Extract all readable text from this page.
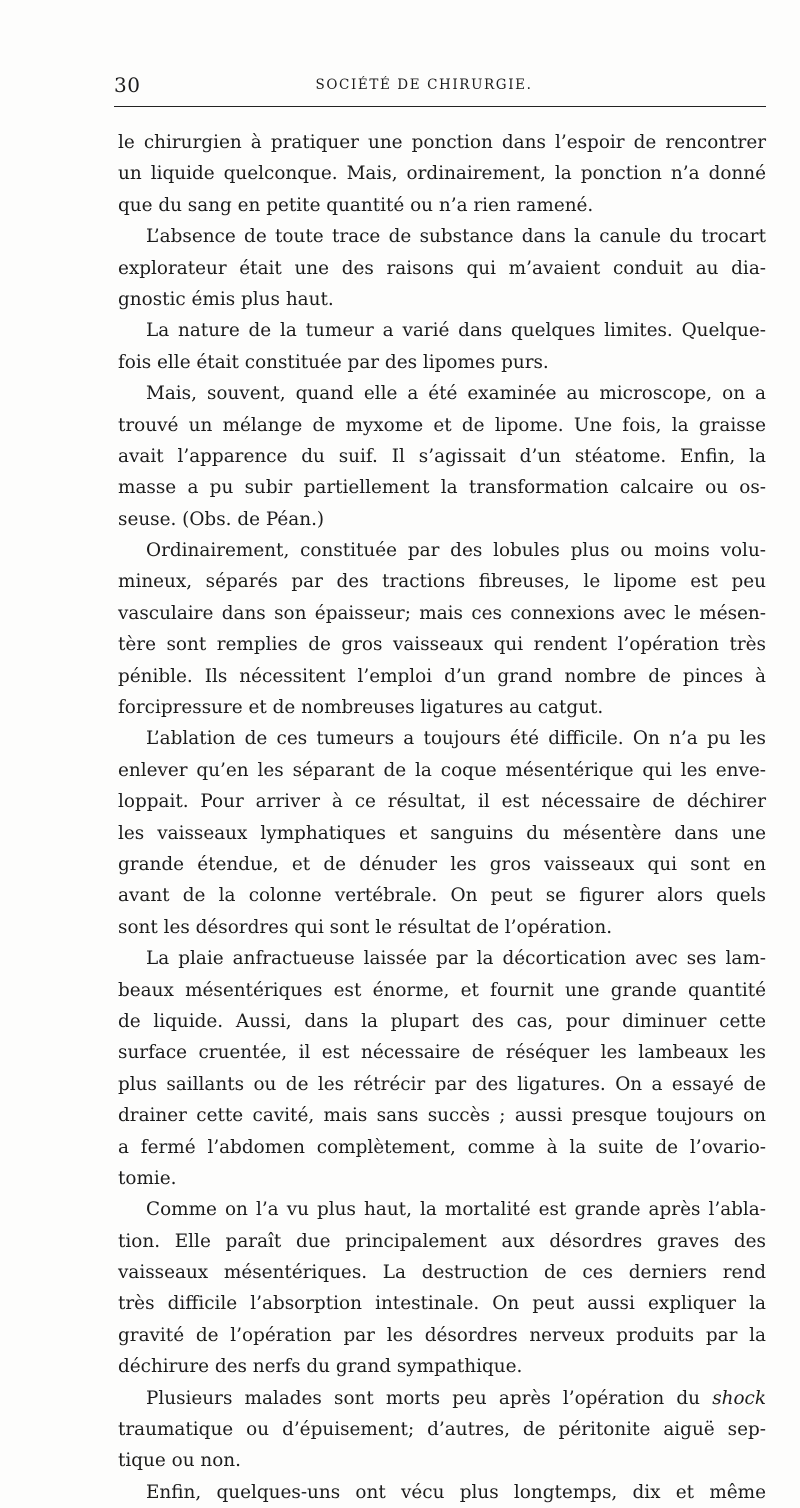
30	SOCIÉTÉ DE CHIRURGIE.
le chirurgien à pratiquer une ponction dans l’espoir de rencontrer
un liquide quelconque. Mais, ordinairement, la ponction n’a donné
que du sang en petite quantité ou n’a rien ramené.
L’absence de toute trace de substance dans la canule du trocart
explorateur était une des raisons qui m’avaient conduit au dia-
gnostic émis plus haut.
La nature de la tumeur a varié dans quelques limites. Quelque-
fois elle était constituée par des lipomes purs.
Mais, souvent, quand elle a été examinée au microscope, on a
trouvé un mélange de myxome et de lipome. Une fois, la graisse
avait l’apparence du suif. Il s’agissait d’un stéatome. Enfin, la
masse a pu subir partiellement la transformation calcaire ou os-
seuse. (Obs. de Péan.)
Ordinairement, constituée par des lobules plus ou moins volu-
mineux, séparés par des tractions fibreuses, le lipome est peu
vasculaire dans son épaisseur; mais ces connexions avec le mésen-
tère sont remplies de gros vaisseaux qui rendent l’opération très
pénible. Ils nécessitent l’emploi d’un grand nombre de pinces à
forcipressure et de nombreuses ligatures au catgut.
L’ablation de ces tumeurs a toujours été difficile. On n’a pu les
enlever qu’en les séparant de la coque mésentérique qui les enve-
loppait. Pour arriver à ce résultat, il est nécessaire de déchirer
les vaisseaux lymphatiques et sanguins du mésentère dans une
grande étendue, et de dénuder les gros vaisseaux qui sont en
avant de la colonne vertébrale. On peut se figurer alors quels
sont les désordres qui sont le résultat de l’opération.
La plaie anfractueuse laissée par la décortication avec ses lam-
beaux mésentériques est énorme, et fournit une grande quantité
de liquide. Aussi, dans la plupart des cas, pour diminuer cette
surface cruentée, il est nécessaire de réséquer les lambeaux les
plus saillants ou de les rétrécir par des ligatures. On a essayé de
drainer cette cavité, mais sans succès ; aussi presque toujours on
a fermé l’abdomen complètement, comme à la suite de l’ovario-
tomie.
Comme on l’a vu plus haut, la mortalité est grande après l’abla-
tion. Elle paraît due principalement aux désordres graves des
vaisseaux mésentériques. La destruction de ces derniers rend
très difficile l’absorption intestinale. On peut aussi expliquer la
gravité de l’opération par les désordres nerveux produits par la
déchirure des nerfs du grand sympathique.
Plusieurs malades sont morts peu après l’opération du shock
traumatique ou d’épuisement; d’autres, de péritonite aiguë sep-
tique ou non.
Enfin, quelques-uns ont vécu plus longtemps, dix et même
